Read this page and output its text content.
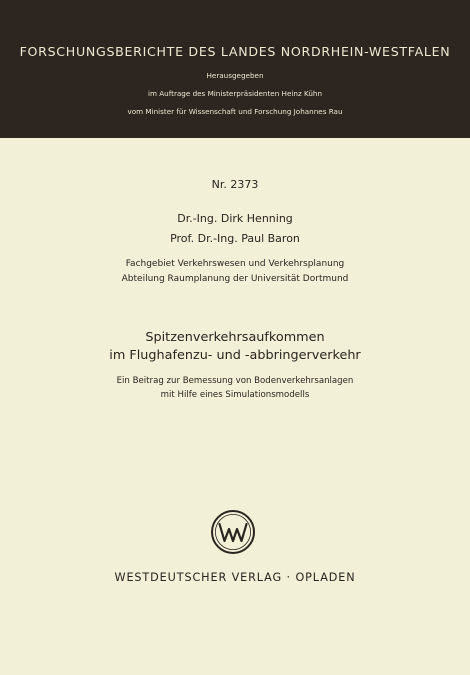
FORSCHUNGSBERICHTE DES LANDES NORDRHEIN-WESTFALEN
Herausgegeben
im Auftrage des Ministerpräsidenten Heinz Kühn
vom Minister für Wissenschaft und Forschung Johannes Rau
Nr. 2373
Dr.-Ing. Dirk Henning
Prof. Dr.-Ing. Paul Baron
Fachgebiet Verkehrswesen und Verkehrsplanung
Abteilung Raumplanung der Universität Dortmund
Spitzenverkehrsaufkommen
im Flughafenzu- und -abbringerverkehr
Ein Beitrag zur Bemessung von Bodenverkehrsanlagen
mit Hilfe eines Simulationsmodells
WESTDEUTSCHER VERLAG · OPLADEN
